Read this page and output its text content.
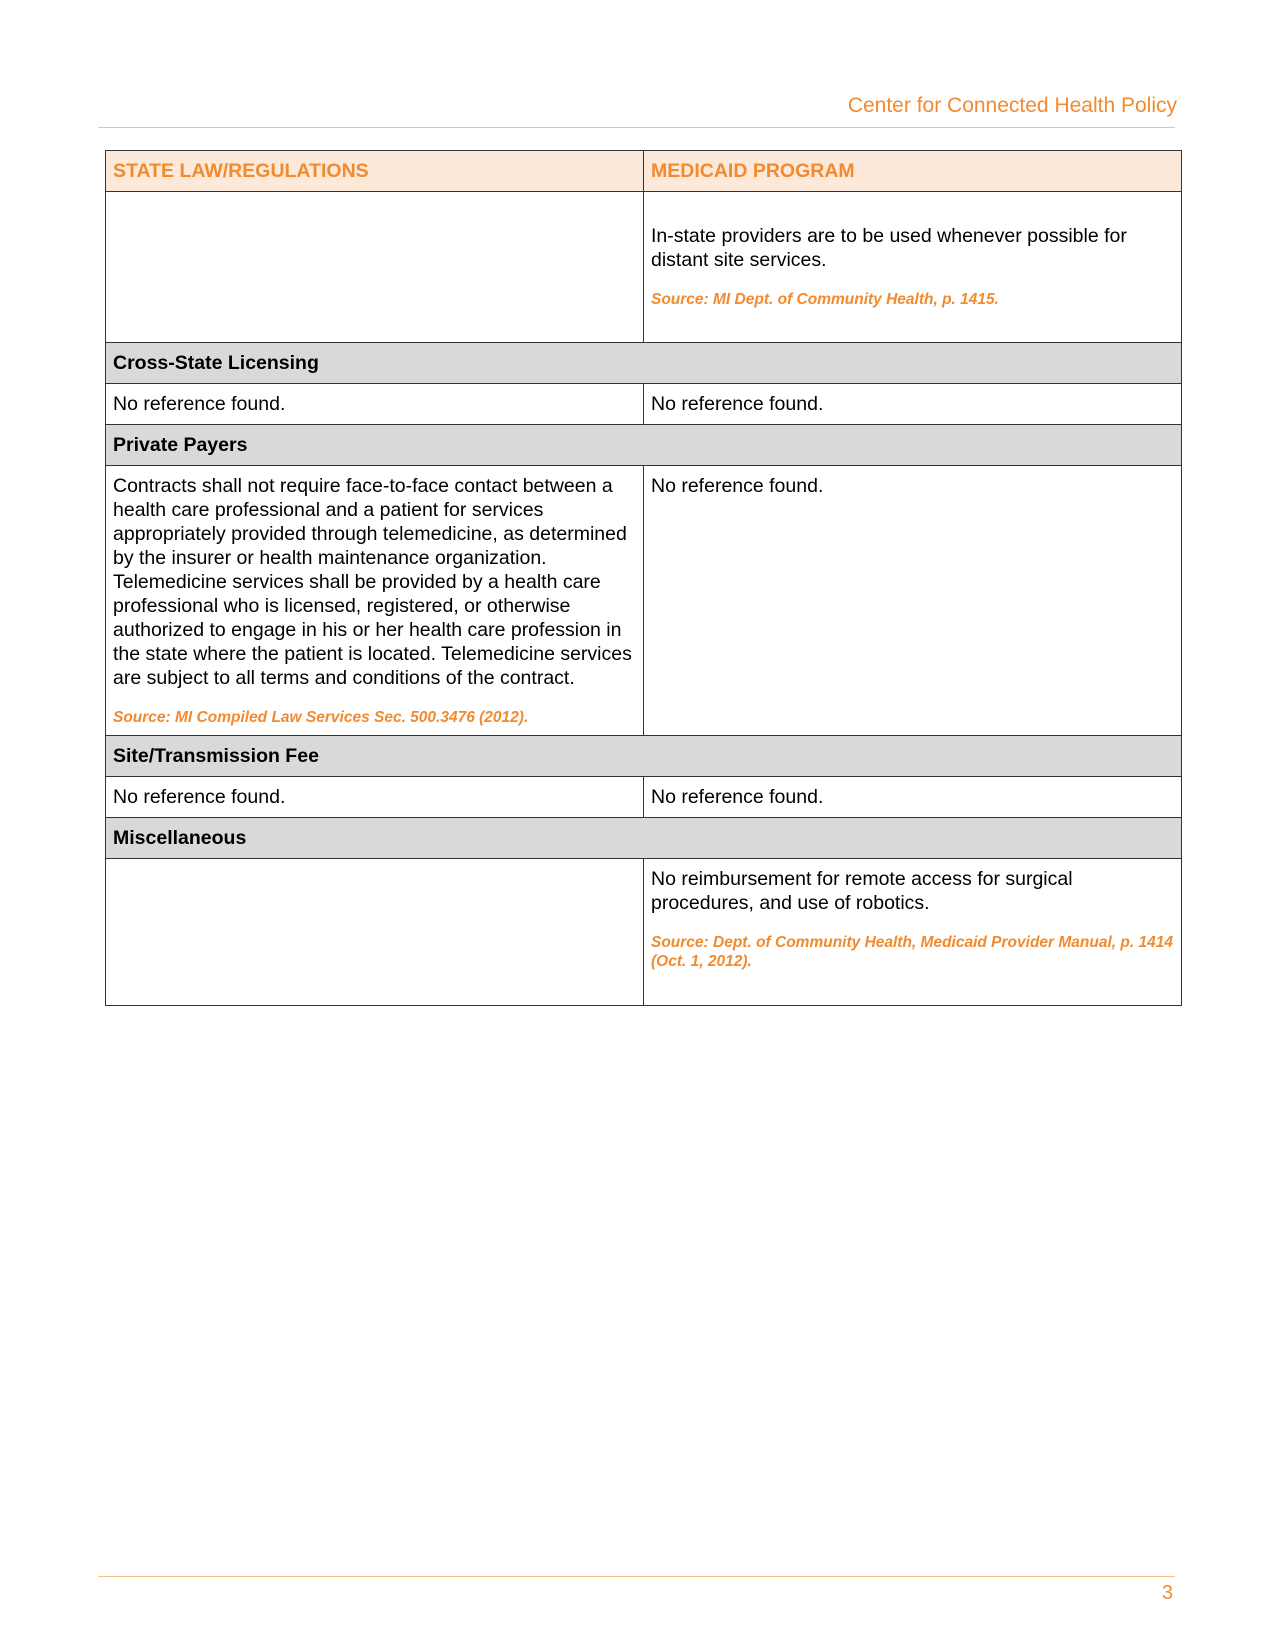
Center for Connected Health Policy
STATE LAW/REGULATIONS	MEDICAID PROGRAM

	In-state providers are to be used whenever possible for distant site services.
Source: MI Dept. of Community Health, p. 1415.

Cross-State Licensing	
No reference found.	No reference found.
Private Payers	

Contracts shall not require face-to-face contact between a health care professional and a patient for services appropriately provided through telemedicine, as determined by the insurer or health maintenance organization. Telemedicine services shall be provided by a health care professional who is licensed, registered, or otherwise authorized to engage in his or her health care profession in the state where the patient is located. Telemedicine services are subject to all terms and conditions of the contract.
Source: MI Compiled Law Services Sec. 500.3476 (2012).	No reference found.
Site/Transmission Fee	
No reference found.	No reference found.
Miscellaneous	

	No reimbursement for remote access for surgical procedures, and use of robotics.
Source: Dept. of Community Health, Medicaid Provider Manual, p. 1414 (Oct. 1, 2012).
3
